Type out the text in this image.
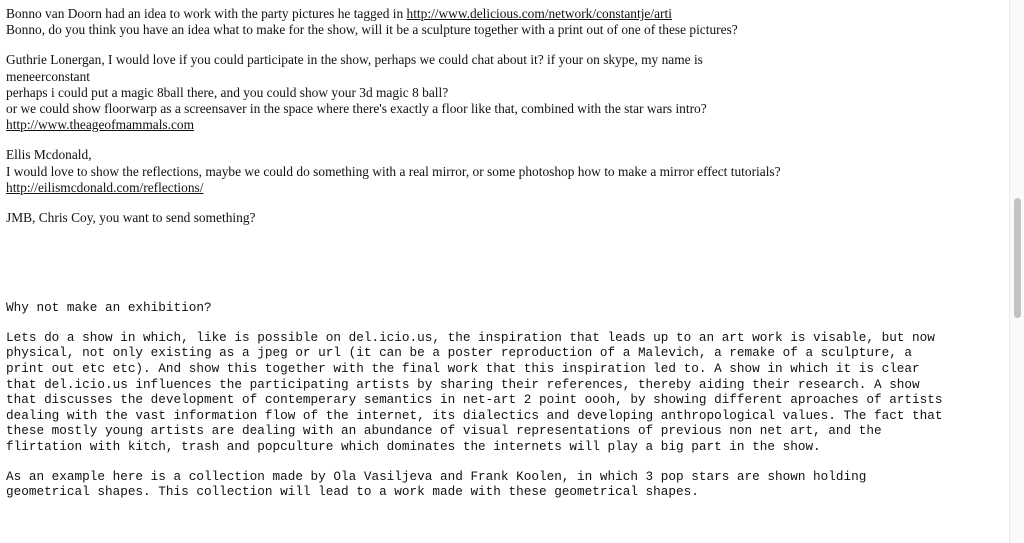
Bonno van Doorn had an idea to work with the party pictures he tagged in http://www.delicious.com/network/constantje/arti
Bonno, do you think you have an idea what to make for the show, will it be a sculpture together with a print out of one of these pictures?

Guthrie Lonergan, I would love if you could participate in the show, perhaps we could chat about it? if your on skype, my name is
meneerconstant
perhaps i could put a magic 8ball there, and you could show your 3d magic 8 ball?
or we could show floorwarp as a screensaver in the space where there's exactly a floor like that, combined with the star wars intro?
http://www.theageofmammals.com

Ellis Mcdonald,
I would love to show the reflections, maybe we could do something with a real mirror, or some photoshop how to make a mirror effect tutorials?
http://eilismcdonald.com/reflections/

JMB, Chris Coy, you want to send something?

Why not make an exhibition?

Lets do a show in which, like is possible on del.icio.us, the inspiration that leads up to an art work is visable, but now
physical, not only existing as a jpeg or url (it can be a poster reproduction of a Malevich, a remake of a sculpture, a
print out etc etc). And show this together with the final work that this inspiration led to. A show in which it is clear
that del.icio.us influences the participating artists by sharing their references, thereby aiding their research. A show
that discusses the development of contemperary semantics in net-art 2 point oooh, by showing different aproaches of artists
dealing with the vast information flow of the internet, its dialectics and developing anthropological values. The fact that
these mostly young artists are dealing with an abundance of visual representations of previous non net art, and the
flirtation with kitch, trash and popculture which dominates the internets will play a big part in the show.

As an example here is a collection made by Ola Vasiljeva and Frank Koolen, in which 3 pop stars are shown holding
geometrical shapes. This collection will lead to a work made with these geometrical shapes.
